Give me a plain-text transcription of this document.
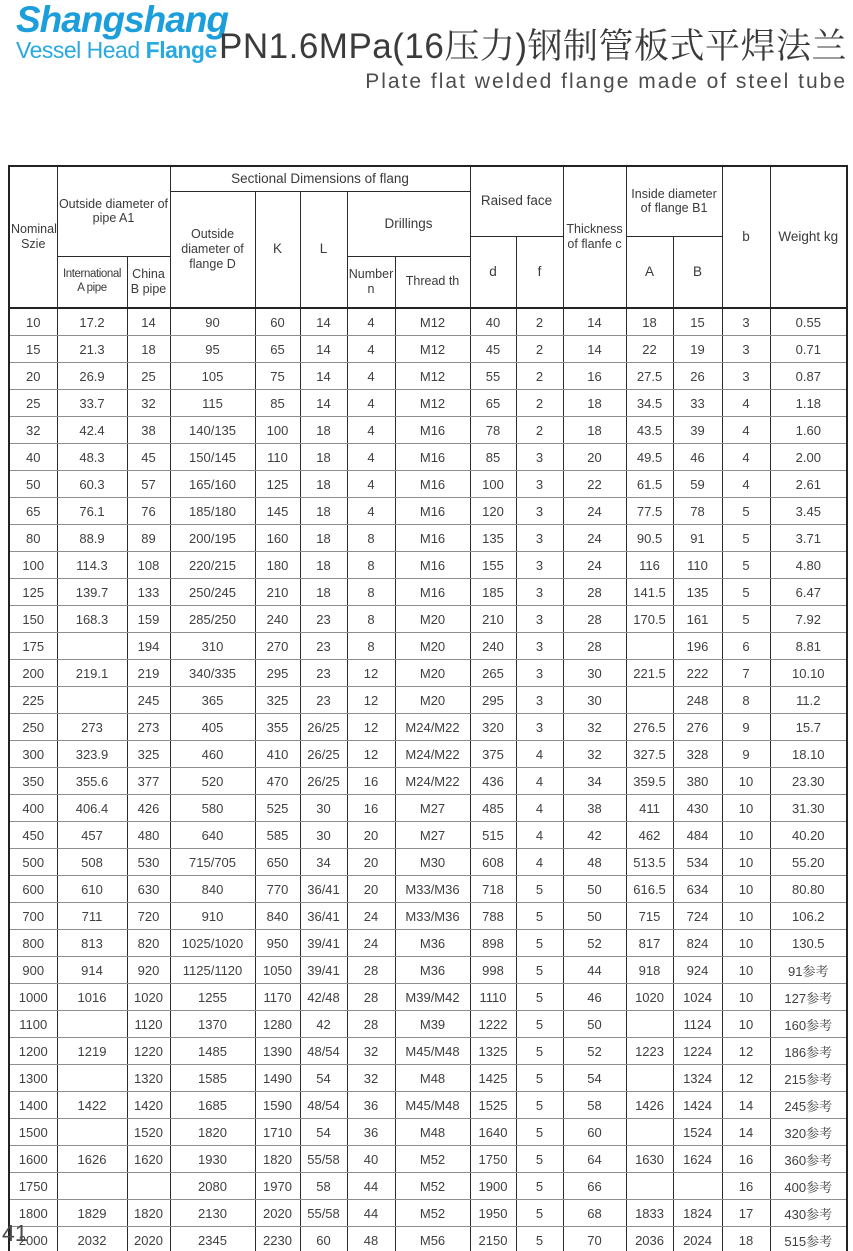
Shangshang
Vessel Head Flange PN1.6MPa(16压力)钢制管板式平焊法兰
Plate flat welded flange made of steel tube
Nominal Szie	Outside diameter of pipe A1		Sectional Dimensions of flang					Raised face		Thickness of flanfe c	Inside diameter of flange B1		b	Weight kg
			Outside diameter of flange D	K	L	Drillings								
								d	f		A	B		
	International A pipe	China B pipe				Number n	Thread th							
10	17.2	14	90	60	14	4	M12	40	2	14	18	15	3	0.55
15	21.3	18	95	65	14	4	M12	45	2	14	22	19	3	0.71
20	26.9	25	105	75	14	4	M12	55	2	16	27.5	26	3	0.87
25	33.7	32	115	85	14	4	M12	65	2	18	34.5	33	4	1.18
32	42.4	38	140/135	100	18	4	M16	78	2	18	43.5	39	4	1.60
40	48.3	45	150/145	110	18	4	M16	85	3	20	49.5	46	4	2.00
50	60.3	57	165/160	125	18	4	M16	100	3	22	61.5	59	4	2.61
65	76.1	76	185/180	145	18	4	M16	120	3	24	77.5	78	5	3.45
80	88.9	89	200/195	160	18	8	M16	135	3	24	90.5	91	5	3.71
100	114.3	108	220/215	180	18	8	M16	155	3	24	116	110	5	4.80
125	139.7	133	250/245	210	18	8	M16	185	3	28	141.5	135	5	6.47
150	168.3	159	285/250	240	23	8	M20	210	3	28	170.5	161	5	7.92
175		194	310	270	23	8	M20	240	3	28		196	6	8.81
200	219.1	219	340/335	295	23	12	M20	265	3	30	221.5	222	7	10.10
225		245	365	325	23	12	M20	295	3	30		248	8	11.2
250	273	273	405	355	26/25	12	M24/M22	320	3	32	276.5	276	9	15.7
300	323.9	325	460	410	26/25	12	M24/M22	375	4	32	327.5	328	9	18.10
350	355.6	377	520	470	26/25	16	M24/M22	436	4	34	359.5	380	10	23.30
400	406.4	426	580	525	30	16	M27	485	4	38	411	430	10	31.30
450	457	480	640	585	30	20	M27	515	4	42	462	484	10	40.20
500	508	530	715/705	650	34	20	M30	608	4	48	513.5	534	10	55.20
600	610	630	840	770	36/41	20	M33/M36	718	5	50	616.5	634	10	80.80
700	711	720	910	840	36/41	24	M33/M36	788	5	50	715	724	10	106.2
800	813	820	1025/1020	950	39/41	24	M36	898	5	52	817	824	10	130.5
900	914	920	1125/1120	1050	39/41	28	M36	998	5	44	918	924	10	91参考
1000	1016	1020	1255	1170	42/48	28	M39/M42	1110	5	46	1020	1024	10	127参考
1100		1120	1370	1280	42	28	M39	1222	5	50		1124	10	160参考
1200	1219	1220	1485	1390	48/54	32	M45/M48	1325	5	52	1223	1224	12	186参考
1300		1320	1585	1490	54	32	M48	1425	5	54		1324	12	215参考
1400	1422	1420	1685	1590	48/54	36	M45/M48	1525	5	58	1426	1424	14	245参考
1500		1520	1820	1710	54	36	M48	1640	5	60		1524	14	320参考
1600	1626	1620	1930	1820	55/58	40	M52	1750	5	64	1630	1624	16	360参考
1750			2080	1970	58	44	M52	1900	5	66			16	400参考
1800	1829	1820	2130	2020	55/58	44	M52	1950	5	68	1833	1824	17	430参考
2000	2032	2020	2345	2230	60	48	M56	2150	5	70	2036	2024	18	515参考
41
